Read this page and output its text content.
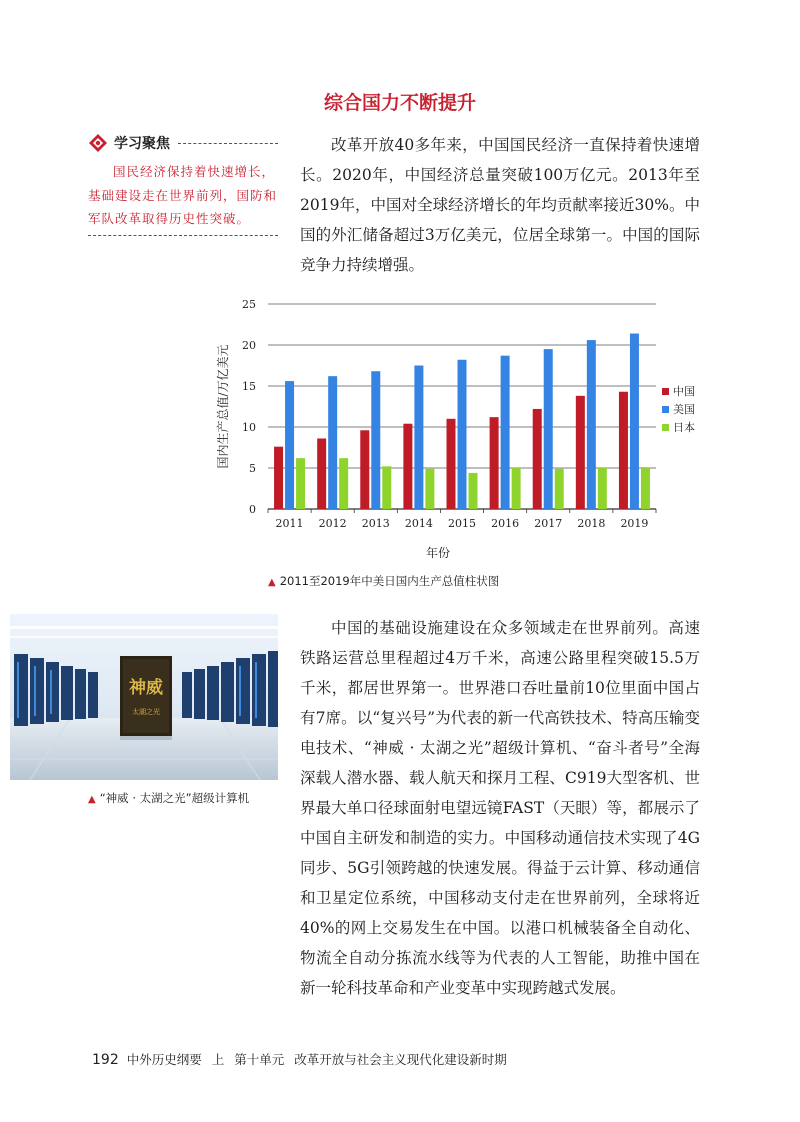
综合国力不断提升
学习聚焦
国民经济保持着快速增长，基础建设走在世界前列，国防和军队改革取得历史性突破。

改革开放40多年来，中国国民经济一直保持着快速增长。2020年，中国经济总量突破100万亿元。2013年至2019年，中国对全球经济增长的年均贡献率接近30%。中国的外汇储备超过3万亿美元，位居全球第一。中国的国际竞争力持续增强。

0
5
10
15
20
25
2011 2012 2013 2014 2015 2016 2017 2018 2019
年份
国内生产总值/万亿美元	中国
美国
日本
▲ 2011至2019年中美日国内生产总值柱状图
神威
太湖之光
▲ “神威 · 太湖之光”超级计算机

中国的基础设施建设在众多领域走在世界前列。高速铁路运营总里程超过4万千米，高速公路里程突破15.5万千米，都居世界第一。世界港口吞吐量前10位里面中国占有7席。以“复兴号”为代表的新一代高铁技术、特高压输变电技术、“神威 · 太湖之光”超级计算机、“奋斗者号”全海深载人潜水器、载人航天和探月工程、C919大型客机、世界最大单口径球面射电望远镜FAST（天眼）等，都展示了中国自主研发和制造的实力。中国移动通信技术实现了4G同步、5G引领跨越的快速发展。得益于云计算、移动通信和卫星定位系统，中国移动支付走在世界前列，全球将近40%的网上交易发生在中国。以港口机械装备全自动化、物流全自动分拣流水线等为代表的人工智能，助推中国在新一轮科技革命和产业变革中实现跨越式发展。

192 中外历史纲要 上 第十单元 改革开放与社会主义现代化建设新时期
